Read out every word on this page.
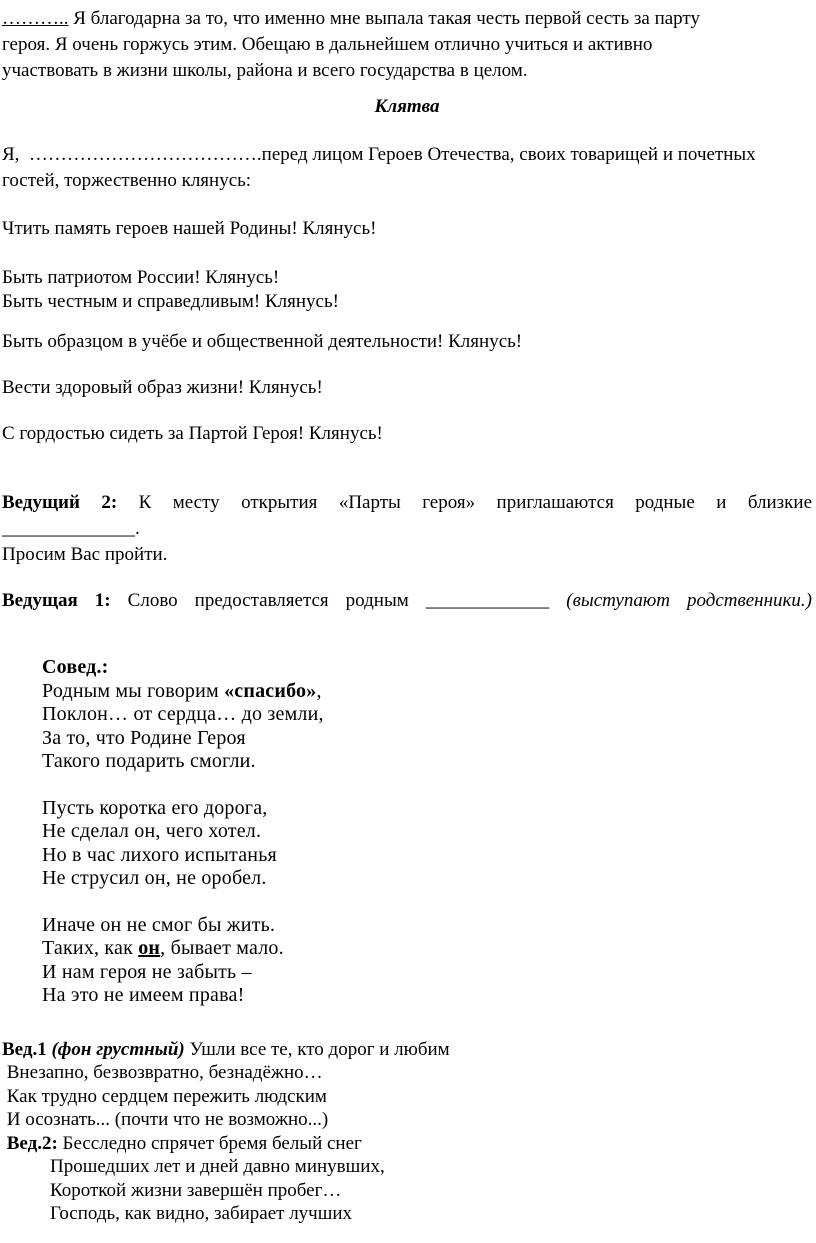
……….. Я благодарна за то, что именно мне выпала такая честь первой сесть за парту
героя. Я очень горжусь этим. Обещаю в дальнейшем отлично учиться и активно
участвовать в жизни школы, района и всего государства в целом.
Клятва
Я,  ……………………………….перед лицом Героев Отечества, своих товарищей и почетных
гостей, торжественно клянусь:
Чтить память героев нашей Родины! Клянусь!
Быть патриотом России! Клянусь!
Быть честным и справедливым! Клянусь!
Быть образцом в учёбе и общественной деятельности! Клянусь!
Вести здоровый образ жизни! Клянусь!
С гордостью сидеть за Партой Героя! Клянусь!
Ведущий 2: К месту открытия «Парты героя» приглашаются родные и близкие
______________.
Просим Вас пройти.
Ведущая 1: Слово предоставляется родным _____________ (выступают родственники.)
Совед.:
Родным мы говорим «спасибо»,
Поклон… от сердца… до земли,
За то, что Родине Героя
Такого подарить смогли.
Пусть коротка его дорога,
Не сделал он, чего хотел.
Но в час лихого испытанья
Не струсил он, не оробел.
Иначе он не смог бы жить.
Таких, как он, бывает мало.
И нам героя не забыть –
На это не имеем права!
Вед.1 (фон грустный) Ушли все те, кто дорог и любим
Внезапно, безвозвратно, безнадёжно…
Как трудно сердцем пережить людским
И осознать... (почти что не возможно...)
Вед.2: Бесследно спрячет бремя белый снег
Прошедших лет и дней давно минувших,
Короткой жизни завершён пробег…
Господь, как видно, забирает лучших
